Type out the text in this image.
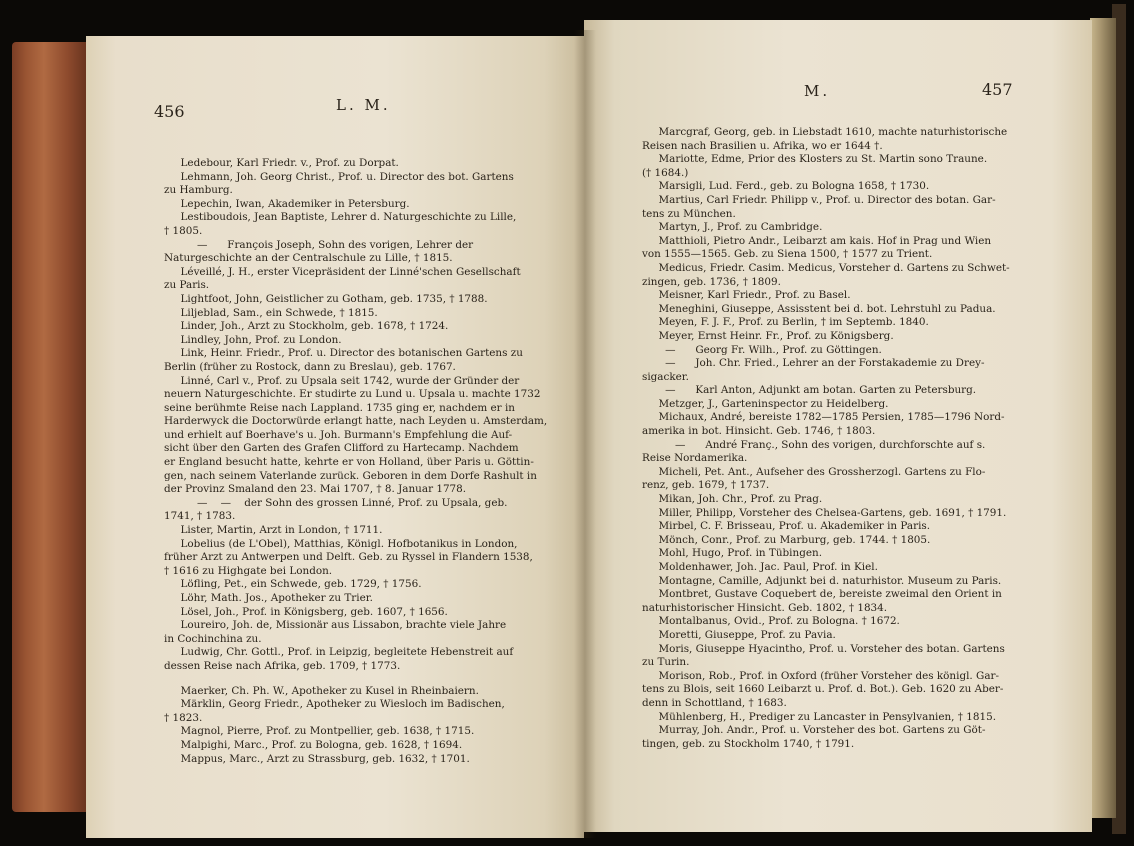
456	L. M.
Ledebour, Karl Friedr. v., Prof. zu Dorpat.
Lehmann, Joh. Georg Christ., Prof. u. Director des bot. Gartens
zu Hamburg.
Lepechin, Iwan, Akademiker in Petersburg.
Lestiboudois, Jean Baptiste, Lehrer d. Naturgeschichte zu Lille,
† 1805.
—      François Joseph, Sohn des vorigen, Lehrer der
Naturgeschichte an der Centralschule zu Lille, † 1815.
Léveillé, J. H., erster Vicepräsident der Linné'schen Gesellschaft
zu Paris.
Lightfoot, John, Geistlicher zu Gotham, geb. 1735, † 1788.
Liljeblad, Sam., ein Schwede, † 1815.
Linder, Joh., Arzt zu Stockholm, geb. 1678, † 1724.
Lindley, John, Prof. zu London.
Link, Heinr. Friedr., Prof. u. Director des botanischen Gartens zu
Berlin (früher zu Rostock, dann zu Breslau), geb. 1767.
Linné, Carl v., Prof. zu Upsala seit 1742, wurde der Gründer der
neuern Naturgeschichte. Er studirte zu Lund u. Upsala u. machte 1732
seine berühmte Reise nach Lappland. 1735 ging er, nachdem er in
Harderwyck die Doctorwürde erlangt hatte, nach Leyden u. Amsterdam,
und erhielt auf Boerhave's u. Joh. Burmann's Empfehlung die Auf-
sicht über den Garten des Grafen Clifford zu Hartecamp. Nachdem
er England besucht hatte, kehrte er von Holland, über Paris u. Göttin-
gen, nach seinem Vaterlande zurück. Geboren in dem Dorfe Rashult in
der Provinz Smaland den 23. Mai 1707, † 8. Januar 1778.
—    —    der Sohn des grossen Linné, Prof. zu Upsala, geb.
1741, † 1783.
Lister, Martin, Arzt in London, † 1711.
Lobelius (de L'Obel), Matthias, Königl. Hofbotanikus in London,
früher Arzt zu Antwerpen und Delft. Geb. zu Ryssel in Flandern 1538,
† 1616 zu Highgate bei London.
Löfling, Pet., ein Schwede, geb. 1729, † 1756.
Löhr, Math. Jos., Apotheker zu Trier.
Lösel, Joh., Prof. in Königsberg, geb. 1607, † 1656.
Loureiro, Joh. de, Missionär aus Lissabon, brachte viele Jahre
in Cochinchina zu.
Ludwig, Chr. Gottl., Prof. in Leipzig, begleitete Hebenstreit auf
dessen Reise nach Afrika, geb. 1709, † 1773.
Maerker, Ch. Ph. W., Apotheker zu Kusel in Rheinbaiern.
Märklin, Georg Friedr., Apotheker zu Wiesloch im Badischen,
† 1823.
Magnol, Pierre, Prof. zu Montpellier, geb. 1638, † 1715.
Malpighi, Marc., Prof. zu Bologna, geb. 1628, † 1694.
Mappus, Marc., Arzt zu Strassburg, geb. 1632, † 1701.
M.	457
Marcgraf, Georg, geb. in Liebstadt 1610, machte naturhistorische
Reisen nach Brasilien u. Afrika, wo er 1644 †.
Mariotte, Edme, Prior des Klosters zu St. Martin sono Traune.
(† 1684.)
Marsigli, Lud. Ferd., geb. zu Bologna 1658, † 1730.
Martius, Carl Friedr. Philipp v., Prof. u. Director des botan. Gar-
tens zu München.
Martyn, J., Prof. zu Cambridge.
Matthioli, Pietro Andr., Leibarzt am kais. Hof in Prag und Wien
von 1555—1565. Geb. zu Siena 1500, † 1577 zu Trient.
Medicus, Friedr. Casim. Medicus, Vorsteher d. Gartens zu Schwet-
zingen, geb. 1736, † 1809.
Meisner, Karl Friedr., Prof. zu Basel.
Meneghini, Giuseppe, Assisstent bei d. bot. Lehrstuhl zu Padua.
Meyen, F. J. F., Prof. zu Berlin, † im Septemb. 1840.
Meyer, Ernst Heinr. Fr., Prof. zu Königsberg.
—      Georg Fr. Wilh., Prof. zu Göttingen.
—      Joh. Chr. Fried., Lehrer an der Forstakademie zu Drey-
sigacker.
—      Karl Anton, Adjunkt am botan. Garten zu Petersburg.
Metzger, J., Garteninspector zu Heidelberg.
Michaux, André, bereiste 1782—1785 Persien, 1785—1796 Nord-
amerika in bot. Hinsicht. Geb. 1746, † 1803.
—      André Franç., Sohn des vorigen, durchforschte auf s.
Reise Nordamerika.
Micheli, Pet. Ant., Aufseher des Grossherzogl. Gartens zu Flo-
renz, geb. 1679, † 1737.
Mikan, Joh. Chr., Prof. zu Prag.
Miller, Philipp, Vorsteher des Chelsea-Gartens, geb. 1691, † 1791.
Mirbel, C. F. Brisseau, Prof. u. Akademiker in Paris.
Mönch, Conr., Prof. zu Marburg, geb. 1744. † 1805.
Mohl, Hugo, Prof. in Tübingen.
Moldenhawer, Joh. Jac. Paul, Prof. in Kiel.
Montagne, Camille, Adjunkt bei d. naturhistor. Museum zu Paris.
Montbret, Gustave Coquebert de, bereiste zweimal den Orient in
naturhistorischer Hinsicht. Geb. 1802, † 1834.
Montalbanus, Ovid., Prof. zu Bologna. † 1672.
Moretti, Giuseppe, Prof. zu Pavia.
Moris, Giuseppe Hyacintho, Prof. u. Vorsteher des botan. Gartens
zu Turin.
Morison, Rob., Prof. in Oxford (früher Vorsteher des königl. Gar-
tens zu Blois, seit 1660 Leibarzt u. Prof. d. Bot.). Geb. 1620 zu Aber-
denn in Schottland, † 1683.
Mühlenberg, H., Prediger zu Lancaster in Pensylvanien, † 1815.
Murray, Joh. Andr., Prof. u. Vorsteher des bot. Gartens zu Göt-
tingen, geb. zu Stockholm 1740, † 1791.
